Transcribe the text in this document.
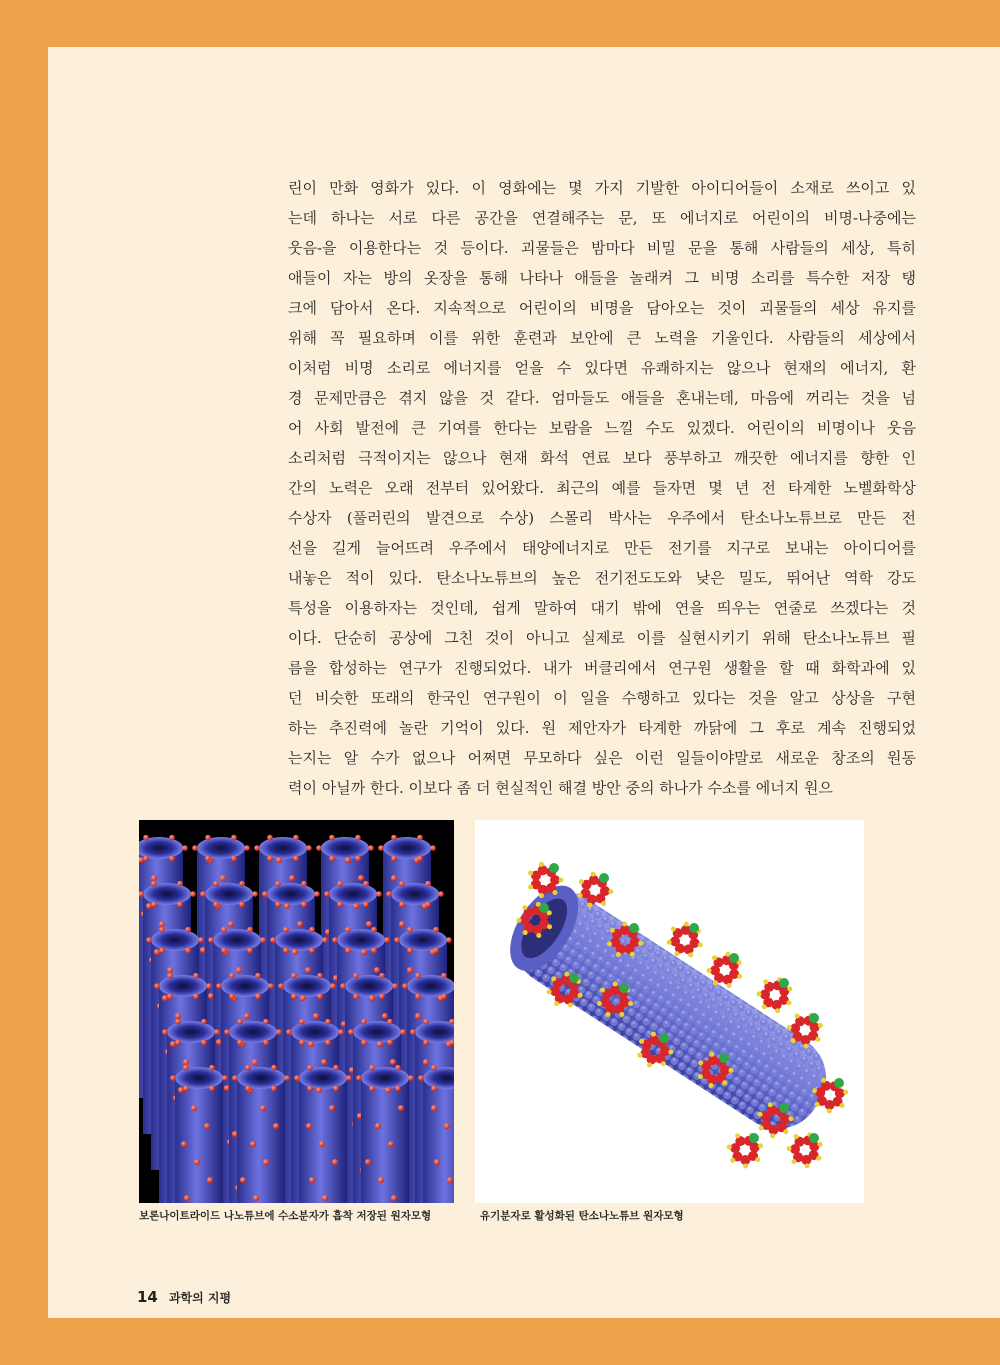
린이 만화 영화가 있다. 이 영화에는 몇 가지 기발한 아이디어들이 소재로 쓰이고 있
는데 하나는 서로 다른 공간을 연결해주는 문, 또 에너지로 어린이의 비명-나중에는
웃음-을 이용한다는 것 등이다. 괴물들은 밤마다 비밀 문을 통해 사람들의 세상, 특히
애들이 자는 방의 옷장을 통해 나타나 애들을 놀래켜 그 비명 소리를 특수한 저장 탱
크에 담아서 온다. 지속적으로 어린이의 비명을 담아오는 것이 괴물들의 세상 유지를
위해 꼭 필요하며 이를 위한 훈련과 보안에 큰 노력을 기울인다. 사람들의 세상에서
이처럼 비명 소리로 에너지를 얻을 수 있다면 유쾌하지는 않으나 현재의 에너지, 환
경 문제만큼은 겪지 않을 것 같다. 엄마들도 애들을 혼내는데, 마음에 꺼리는 것을 넘
어 사회 발전에 큰 기여를 한다는 보람을 느낄 수도 있겠다. 어린이의 비명이나 웃음
소리처럼 극적이지는 않으나 현재 화석 연료 보다 풍부하고 깨끗한 에너지를 향한 인
간의 노력은 오래 전부터 있어왔다. 최근의 예를 들자면 몇 년 전 타계한 노벨화학상
수상자 (풀러린의 발견으로 수상) 스몰리 박사는 우주에서 탄소나노튜브로 만든 전
선을 길게 늘어뜨려 우주에서 태양에너지로 만든 전기를 지구로 보내는 아이디어를
내놓은 적이 있다. 탄소나노튜브의 높은 전기전도도와 낮은 밀도, 뛰어난 역학 강도
특성을 이용하자는 것인데, 쉽게 말하여 대기 밖에 연을 띄우는 연줄로 쓰겠다는 것
이다. 단순히 공상에 그친 것이 아니고 실제로 이를 실현시키기 위해 탄소나노튜브 필
름을 합성하는 연구가 진행되었다. 내가 버클리에서 연구원 생활을 할 때 화학과에 있
던 비슷한 또래의 한국인 연구원이 이 일을 수행하고 있다는 것을 알고 상상을 구현
하는 추진력에 놀란 기억이 있다. 원 제안자가 타계한 까닭에 그 후로 계속 진행되었
는지는 알 수가 없으나 어쩌면 무모하다 싶은 이런 일들이야말로 새로운 창조의 원동
력이 아닐까 한다. 이보다 좀 더 현실적인 해결 방안 중의 하나가 수소를 에너지 원으
보론나이트라이드 나노튜브에 수소분자가 흡착 저장된 원자모형	유기분자로 활성화된 탄소나노튜브 원자모형
14 과학의 지평
